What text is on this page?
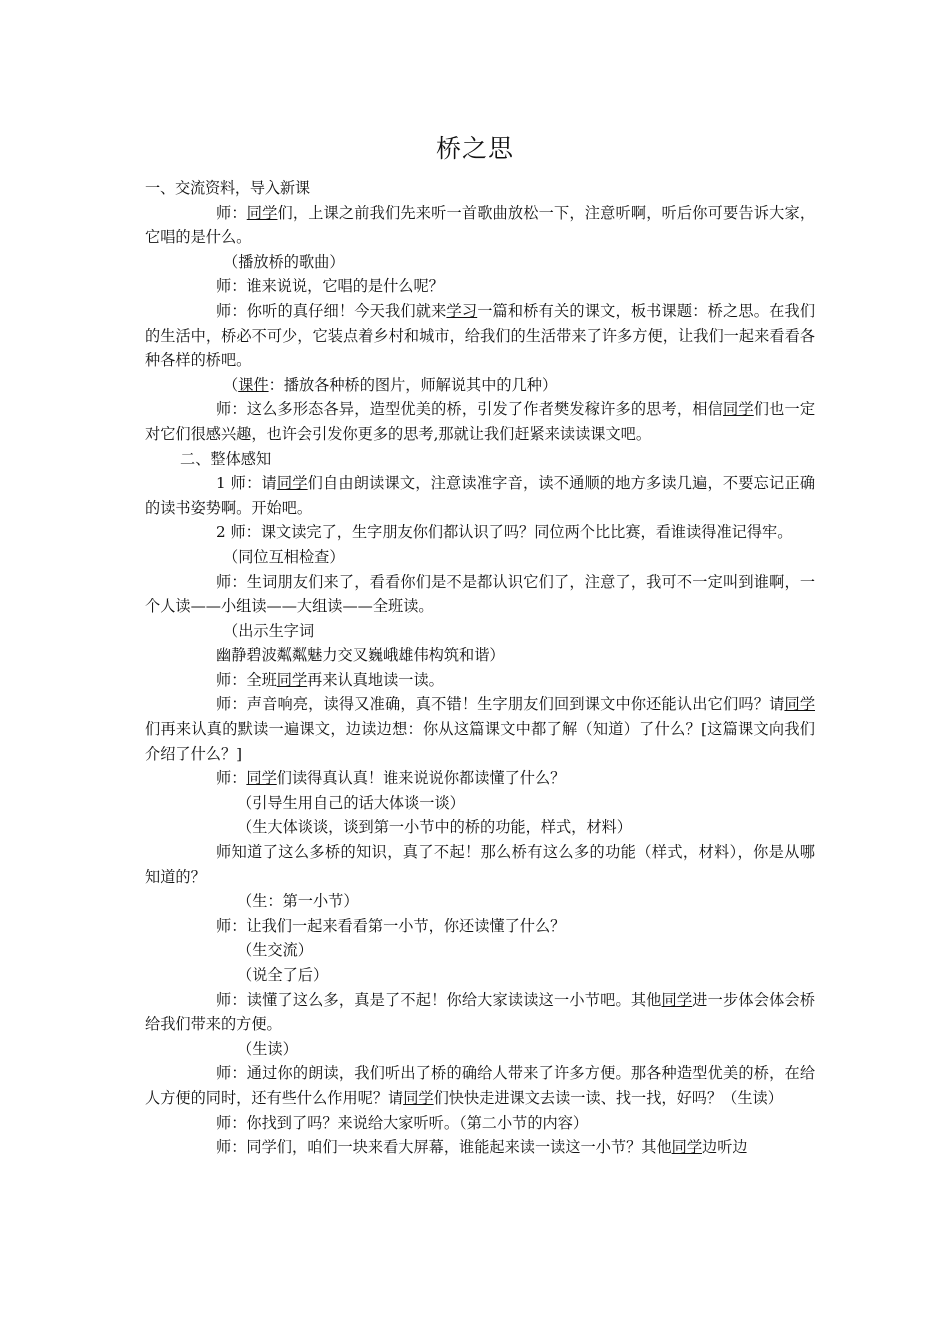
桥之思

一、交流资料，导入新课

师：同学们，上课之前我们先来听一首歌曲放松一下，注意听啊，听后你可要告诉大家，它唱的是什么。

（播放桥的歌曲）

师：谁来说说，它唱的是什么呢？

师：你听的真仔细！今天我们就来学习一篇和桥有关的课文，板书课题：桥之思。在我们的生活中，桥必不可少，它装点着乡村和城市，给我们的生活带来了许多方便，让我们一起来看看各种各样的桥吧。

（课件：播放各种桥的图片，师解说其中的几种）

师：这么多形态各异，造型优美的桥，引发了作者樊发稼许多的思考，相信同学们也一定对它们很感兴趣，也许会引发你更多的思考,那就让我们赶紧来读读课文吧。

二、整体感知

1 师：请同学们自由朗读课文，注意读准字音，读不通顺的地方多读几遍，不要忘记正确的读书姿势啊。开始吧。

2 师：课文读完了，生字朋友你们都认识了吗？同位两个比比赛，看谁读得准记得牢。

（同位互相检查）

师：生词朋友们来了，看看你们是不是都认识它们了，注意了，我可不一定叫到谁啊，一个人读——小组读——大组读——全班读。

（出示生字词

幽静碧波粼粼魅力交叉巍峨雄伟构筑和谐）

师：全班同学再来认真地读一读。

师：声音响亮，读得又准确，真不错！生字朋友们回到课文中你还能认出它们吗？请同学们再来认真的默读一遍课文，边读边想：你从这篇课文中都了解（知道）了什么？[这篇课文向我们介绍了什么？]

师：同学们读得真认真！谁来说说你都读懂了什么？

（引导生用自己的话大体谈一谈）

（生大体谈谈，谈到第一小节中的桥的功能，样式，材料）

师知道了这么多桥的知识，真了不起！那么桥有这么多的功能（样式，材料），你是从哪知道的？

（生：第一小节）

师：让我们一起来看看第一小节，你还读懂了什么？

（生交流）

（说全了后）

师：读懂了这么多，真是了不起！你给大家读读这一小节吧。其他同学进一步体会体会桥给我们带来的方便。

（生读）

师：通过你的朗读，我们听出了桥的确给人带来了许多方便。那各种造型优美的桥，在给人方便的同时，还有些什么作用呢？请同学们快快走进课文去读一读、找一找，好吗？（生读）

师：你找到了吗？来说给大家听听。（第二小节的内容）

师：同学们，咱们一块来看大屏幕，谁能起来读一读这一小节？其他同学边听边
